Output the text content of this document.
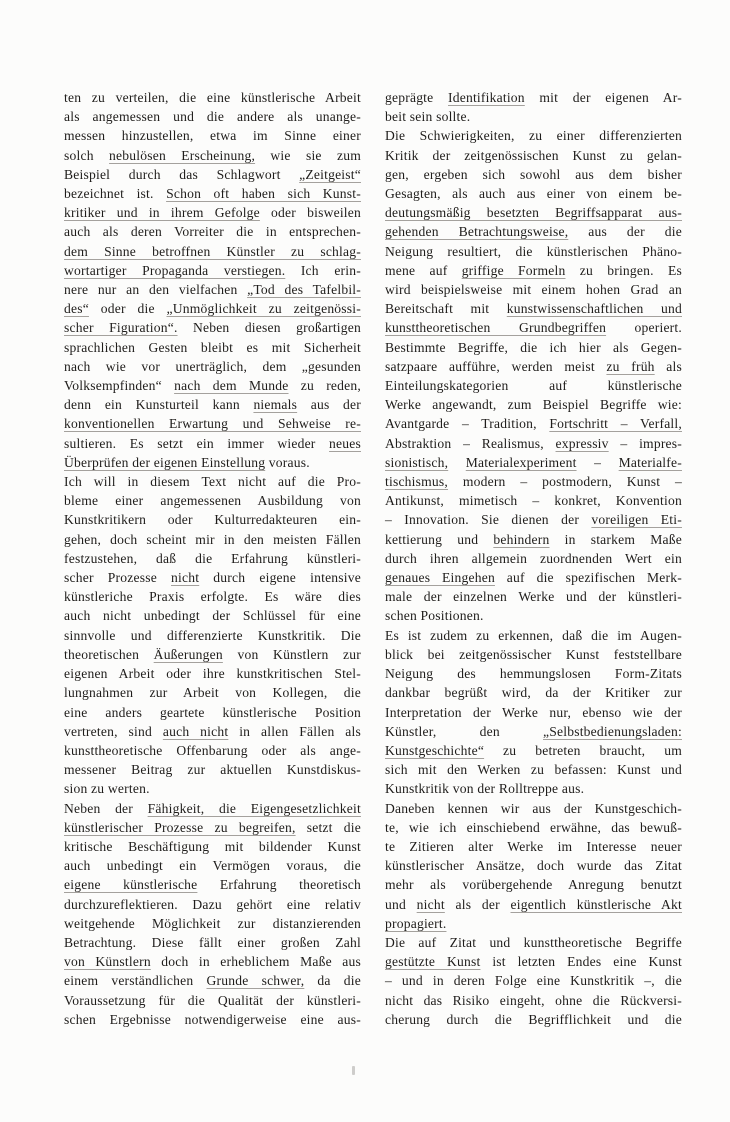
ten zu verteilen, die eine künstlerische Arbeit
als angemessen und die andere als unange-
messen hinzustellen, etwa im Sinne einer
solch nebulösen Erscheinung, wie sie zum
Beispiel durch das Schlagwort „Zeitgeist“
bezeichnet ist. Schon oft haben sich Kunst-
kritiker und in ihrem Gefolge oder bisweilen
auch als deren Vorreiter die in entsprechen-
dem Sinne betroffnen Künstler zu schlag-
wortartiger Propaganda verstiegen. Ich erin-
nere nur an den vielfachen „Tod des Tafelbil-
des“ oder die „Unmöglichkeit zu zeitgenössi-
scher Figuration“. Neben diesen großartigen
sprachlichen Gesten bleibt es mit Sicherheit
nach wie vor unerträglich, dem „gesunden
Volksempfinden“ nach dem Munde zu reden,
denn ein Kunsturteil kann niemals aus der
konventionellen Erwartung und Sehweise re-
sultieren. Es setzt ein immer wieder neues
Überprüfen der eigenen Einstellung voraus.
Ich will in diesem Text nicht auf die Pro-
bleme einer angemessenen Ausbildung von
Kunstkritikern oder Kulturredakteuren ein-
gehen, doch scheint mir in den meisten Fällen
festzustehen, daß die Erfahrung künstleri-
scher Prozesse nicht durch eigene intensive
künstleriche Praxis erfolgte. Es wäre dies
auch nicht unbedingt der Schlüssel für eine
sinnvolle und differenzierte Kunstkritik. Die
theoretischen Äußerungen von Künstlern zur
eigenen Arbeit oder ihre kunstkritischen Stel-
lungnahmen zur Arbeit von Kollegen, die
eine anders geartete künstlerische Position
vertreten, sind auch nicht in allen Fällen als
kunsttheoretische Offenbarung oder als ange-
messener Beitrag zur aktuellen Kunstdiskus-
sion zu werten.
Neben der Fähigkeit, die Eigengesetzlichkeit
künstlerischer Prozesse zu begreifen, setzt die
kritische Beschäftigung mit bildender Kunst
auch unbedingt ein Vermögen voraus, die
eigene künstlerische Erfahrung theoretisch
durchzureflektieren. Dazu gehört eine relativ
weitgehende Möglichkeit zur distanzierenden
Betrachtung. Diese fällt einer großen Zahl
von Künstlern doch in erheblichem Maße aus
einem verständlichen Grunde schwer, da die
Voraussetzung für die Qualität der künstleri-
schen Ergebnisse notwendigerweise eine aus-
geprägte Identifikation mit der eigenen Ar-
beit sein sollte.
Die Schwierigkeiten, zu einer differenzierten
Kritik der zeitgenössischen Kunst zu gelan-
gen, ergeben sich sowohl aus dem bisher
Gesagten, als auch aus einer von einem be-
deutungsmäßig besetzten Begriffsapparat aus-
gehenden Betrachtungsweise, aus der die
Neigung resultiert, die künstlerischen Phäno-
mene auf griffige Formeln zu bringen. Es
wird beispielsweise mit einem hohen Grad an
Bereitschaft mit kunstwissenschaftlichen und
kunsttheoretischen Grundbegriffen operiert.
Bestimmte Begriffe, die ich hier als Gegen-
satzpaare aufführe, werden meist zu früh als
Einteilungskategorien auf künstlerische
Werke angewandt, zum Beispiel Begriffe wie:
Avantgarde – Tradition, Fortschritt – Verfall,
Abstraktion – Realismus, expressiv – impres-
sionistisch, Materialexperiment – Materialfe-
tischismus, modern – postmodern, Kunst –
Antikunst, mimetisch – konkret, Konvention
– Innovation. Sie dienen der voreiligen Eti-
kettierung und behindern in starkem Maße
durch ihren allgemein zuordnenden Wert ein
genaues Eingehen auf die spezifischen Merk-
male der einzelnen Werke und der künstleri-
schen Positionen.
Es ist zudem zu erkennen, daß die im Augen-
blick bei zeitgenössischer Kunst feststellbare
Neigung des hemmungslosen Form-Zitats
dankbar begrüßt wird, da der Kritiker zur
Interpretation der Werke nur, ebenso wie der
Künstler, den „Selbstbedienungsladen:
Kunstgeschichte“ zu betreten braucht, um
sich mit den Werken zu befassen: Kunst und
Kunstkritik von der Rolltreppe aus.
Daneben kennen wir aus der Kunstgeschich-
te, wie ich einschiebend erwähne, das bewuß-
te Zitieren alter Werke im Interesse neuer
künstlerischer Ansätze, doch wurde das Zitat
mehr als vorübergehende Anregung benutzt
und nicht als der eigentlich künstlerische Akt
propagiert.
Die auf Zitat und kunsttheoretische Begriffe
gestützte Kunst ist letzten Endes eine Kunst
– und in deren Folge eine Kunstkritik –, die
nicht das Risiko eingeht, ohne die Rückversi-
cherung durch die Begrifflichkeit und die
